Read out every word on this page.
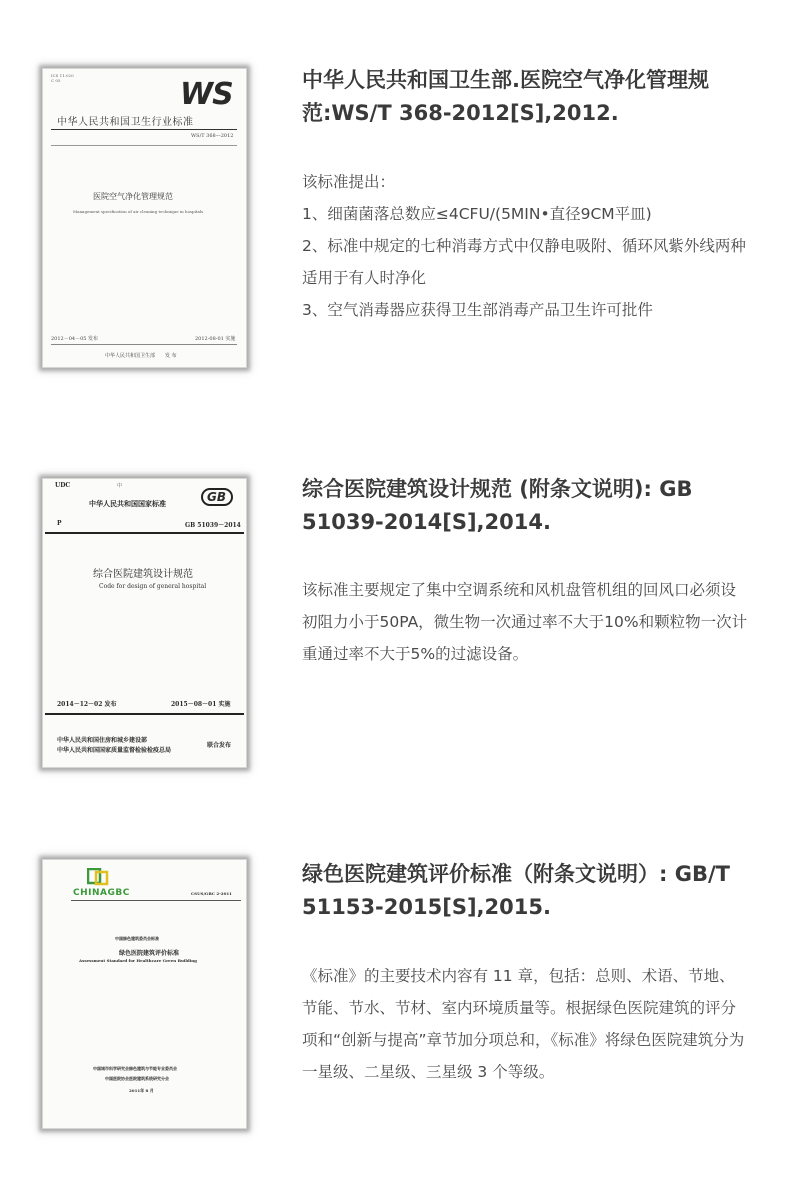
ICS 11.020
C 05	WS
中华人民共和国卫生行业标准
WS/T 368—2012
医院空气净化管理规范
Management specification of air cleaning technique in hospitals
2012－04－05 发布	2012-08-01 实施
中华人民共和国卫生部　　发 布
中华人民共和国卫生部.医院空气净化管理规范:WS/T 368-2012[S],2012.

该标准提出：

1、细菌菌落总数应≤4CFU/(5MIN•直径9CM平皿)

2、标准中规定的七种消毒方式中仅静电吸附、循环风紫外线两种适用于有人时净化

3、空气消毒器应获得卫生部消毒产品卫生许可批件

UDC	中
中华人民共和国国家标准	GB
P	GB 51039－2014
综合医院建筑设计规范
Code for design of general hospital
2014－12－02 发布	2015－08－01 实施
中华人民共和国住房和城乡建设部
中华人民共和国国家质量监督检验检疫总局
联合发布
综合医院建筑设计规范 (附条文说明): GB 51039-2014[S],2014.

该标准主要规定了集中空调系统和风机盘管机组的回风口必须设初阻力小于50PA，微生物一次通过率不大于10%和颗粒物一次计重通过率不大于5%的过滤设备。

CHINAGBC	CSUS/GBC 2-2011
中国绿色建筑委员会标准
绿色医院建筑评价标准
Assessment Standard for Healthcare Green Building
中国城市科学研究会绿色建筑与节能专业委员会
中国医院协会医院建筑系统研究分会
2011年 8 月
绿色医院建筑评价标准（附条文说明）: GB/T 51153-2015[S],2015.

《标准》的主要技术内容有 11 章，包括：总则、术语、节地、节能、节水、节材、室内环境质量等。根据绿色医院建筑的评分项和“创新与提高”章节加分项总和，《标准》将绿色医院建筑分为一星级、二星级、三星级 3 个等级。
